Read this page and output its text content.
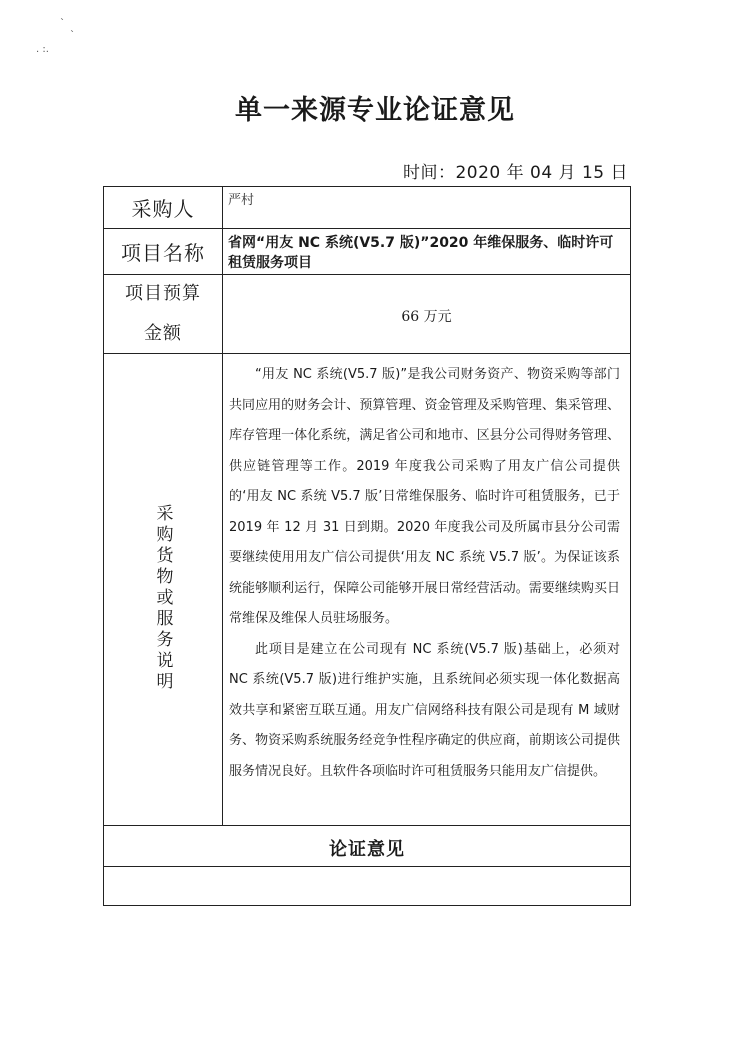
`
`
. :.
单一来源专业论证意见
时间：2020 年 04 月 15 日
采购人	严村
项目名称	省网“用友 NC 系统(V5.7 版)”2020 年维保服务、临时许可租赁服务项目
项目预算
金额
66 万元
采购货物或服务说明

“用友 NC 系统(V5.7 版)”是我公司财务资产、物资采购等部门共同应用的财务会计、预算管理、资金管理及采购管理、集采管理、库存管理一体化系统，满足省公司和地市、区县分公司得财务管理、供应链管理等工作。2019 年度我公司采购了用友广信公司提供的‘用友 NC 系统 V5.7 版’日常维保服务、临时许可租赁服务，已于 2019 年 12 月 31 日到期。2020 年度我公司及所属市县分公司需要继续使用用友广信公司提供‘用友 NC 系统 V5.7 版’。为保证该系统能够顺利运行，保障公司能够开展日常经营活动。需要继续购买日常维保及维保人员驻场服务。

此项目是建立在公司现有 NC 系统(V5.7 版)基础上，必须对 NC 系统(V5.7 版)进行维护实施，且系统间必须实现一体化数据高效共享和紧密互联互通。用友广信网络科技有限公司是现有 M 域财务、物资采购系统服务经竞争性程序确定的供应商，前期该公司提供服务情况良好。且软件各项临时许可租赁服务只能用友广信提供。

论证意见
